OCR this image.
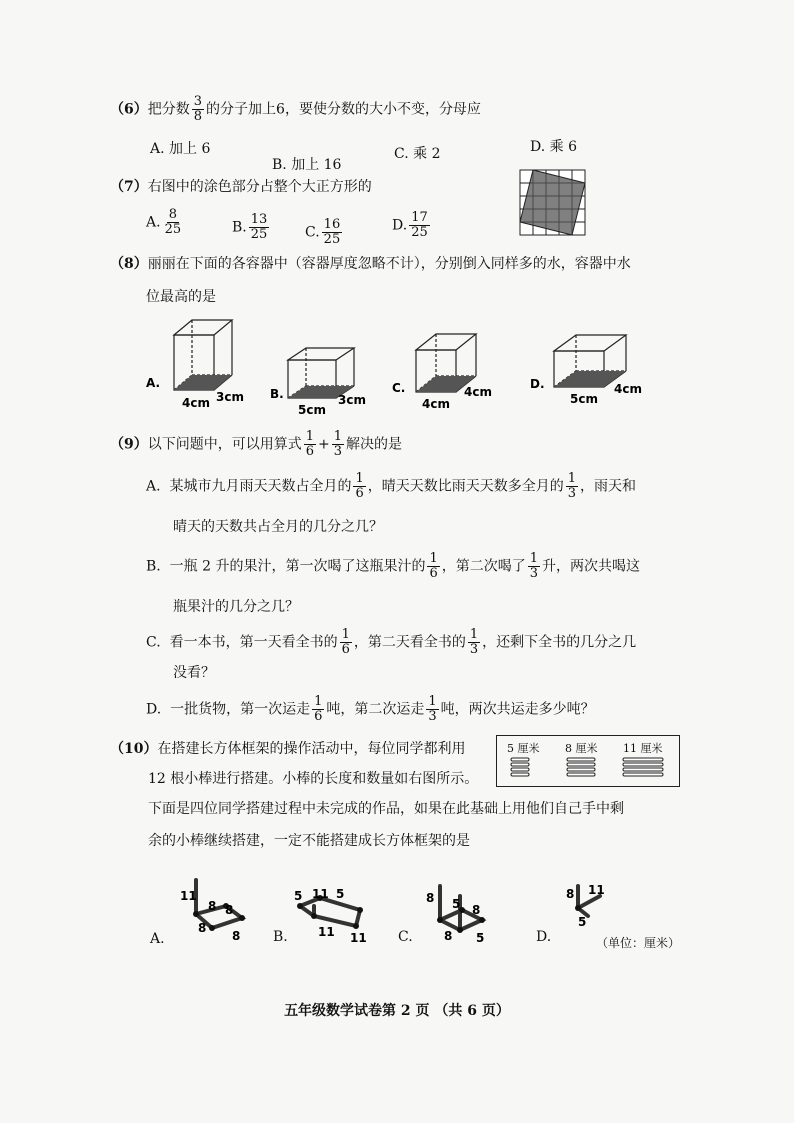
（6）把分数 $\frac{3}{8}$ 的分子加上6，要使分数的大小不变，分母应
A. 加上 6
B. 加上 16
C. 乘 2	D. 乘 6
（7）右图中的涂色部分占整个大正方形的
A. $\frac{8}{25}$	B. $\frac{13}{25}$	C. $\frac{16}{25}$	D. $\frac{17}{25}$
（8）丽丽在下面的各容器中（容器厚度忽略不计），分别倒入同样多的水，容器中水
位最高的是
A.
4cm 3cm B.
5cm
3cm
C.
4cm
4cm
D.
5cm
4cm
（9）以下问题中，可以用算式 $\frac{1}{6} + \frac{1}{3}$ 解决的是
A. 某城市九月雨天天数占全月的 $\frac{1}{6}$ ，晴天天数比雨天天数多全月的 $\frac{1}{3}$ ，雨天和
晴天的天数共占全月的几分之几？
B. 一瓶 2 升的果汁，第一次喝了这瓶果汁的 $\frac{1}{6}$ ，第二次喝了 $\frac{1}{3}$ 升，两次共喝这
瓶果汁的几分之几？
C. 看一本书，第一天看全书的 $\frac{1}{6}$ ，第二天看全书的 $\frac{1}{3}$ ，还剩下全书的几分之几
没看？
D. 一批货物，第一次运走 $\frac{1}{6}$ 吨，第二次运走 $\frac{1}{3}$ 吨，两次共运走多少吨？
（10）在搭建长方体框架的操作活动中，每位同学都利用
12 根小棒进行搭建。小棒的长度和数量如右图所示。
下面是四位同学搭建过程中未完成的作品，如果在此基础上用他们自己手中剩
余的小棒继续搭建，一定不能搭建成长方体框架的是
5 厘米 8 厘米 11 厘米
A.
11
8 8
8
8 B.
5 11 5
11 11 C.
8 5 8
8 5	D.
8 11
5
（单位：厘米）
五年级数学试卷第 2 页 （共 6 页）
